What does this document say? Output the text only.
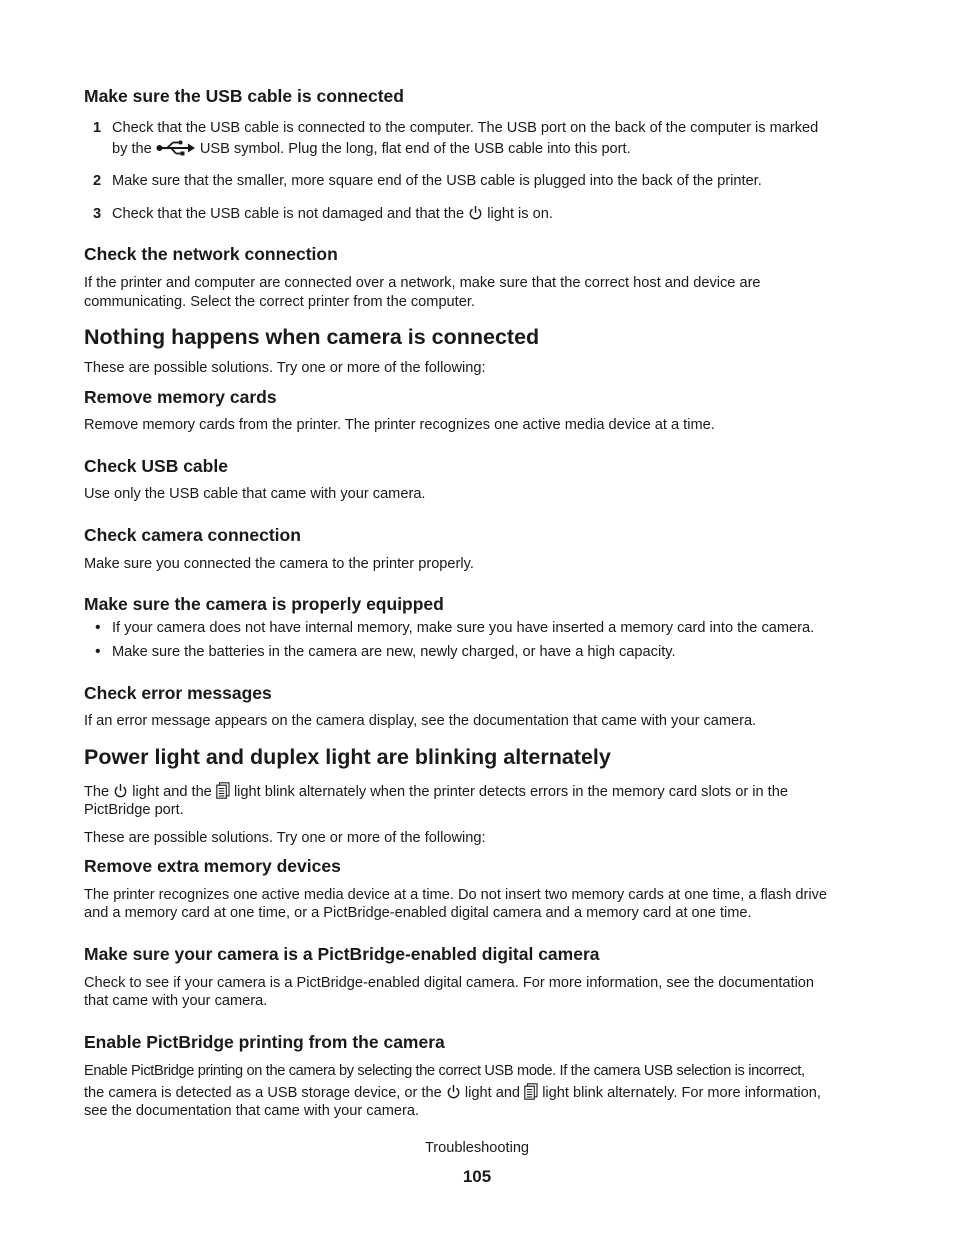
Make sure the USB cable is connected
1 Check that the USB cable is connected to the computer. The USB port on the back of the computer is marked

by the	USB symbol. Plug the long, flat end of the USB cable into this port.

2 Make sure that the smaller, more square end of the USB cable is plugged into the back of the printer.

3 Check that the USB cable is not damaged and that the light is on.

Check the network connection

If the printer and computer are connected over a network, make sure that the correct host and device are

communicating. Select the correct printer from the computer.

Nothing happens when camera is connected

These are possible solutions. Try one or more of the following:

Remove memory cards

Remove memory cards from the printer. The printer recognizes one active media device at a time.

Check USB cable

Use only the USB cable that came with your camera.

Check camera connection

Make sure you connected the camera to the printer properly.

Make sure the camera is properly equipped
• If your camera does not have internal memory, make sure you have inserted a memory card into the camera.

• Make sure the batteries in the camera are new, newly charged, or have a high capacity.

Check error messages

If an error message appears on the camera display, see the documentation that came with your camera.

Power light and duplex light are blinking alternately

The light and the light blink alternately when the printer detects errors in the memory card slots or in the

PictBridge port.

These are possible solutions. Try one or more of the following:

Remove extra memory devices

The printer recognizes one active media device at a time. Do not insert two memory cards at one time, a flash drive

and a memory card at one time, or a PictBridge-enabled digital camera and a memory card at one time.

Make sure your camera is a PictBridge-enabled digital camera

Check to see if your camera is a PictBridge-enabled digital camera. For more information, see the documentation

that came with your camera.

Enable PictBridge printing from the camera

Enable PictBridge printing on the camera by selecting the correct USB mode. If the camera USB selection is incorrect,

the camera is detected as a USB storage device, or the light and light blink alternately. For more information,

see the documentation that came with your camera.

Troubleshooting

105
